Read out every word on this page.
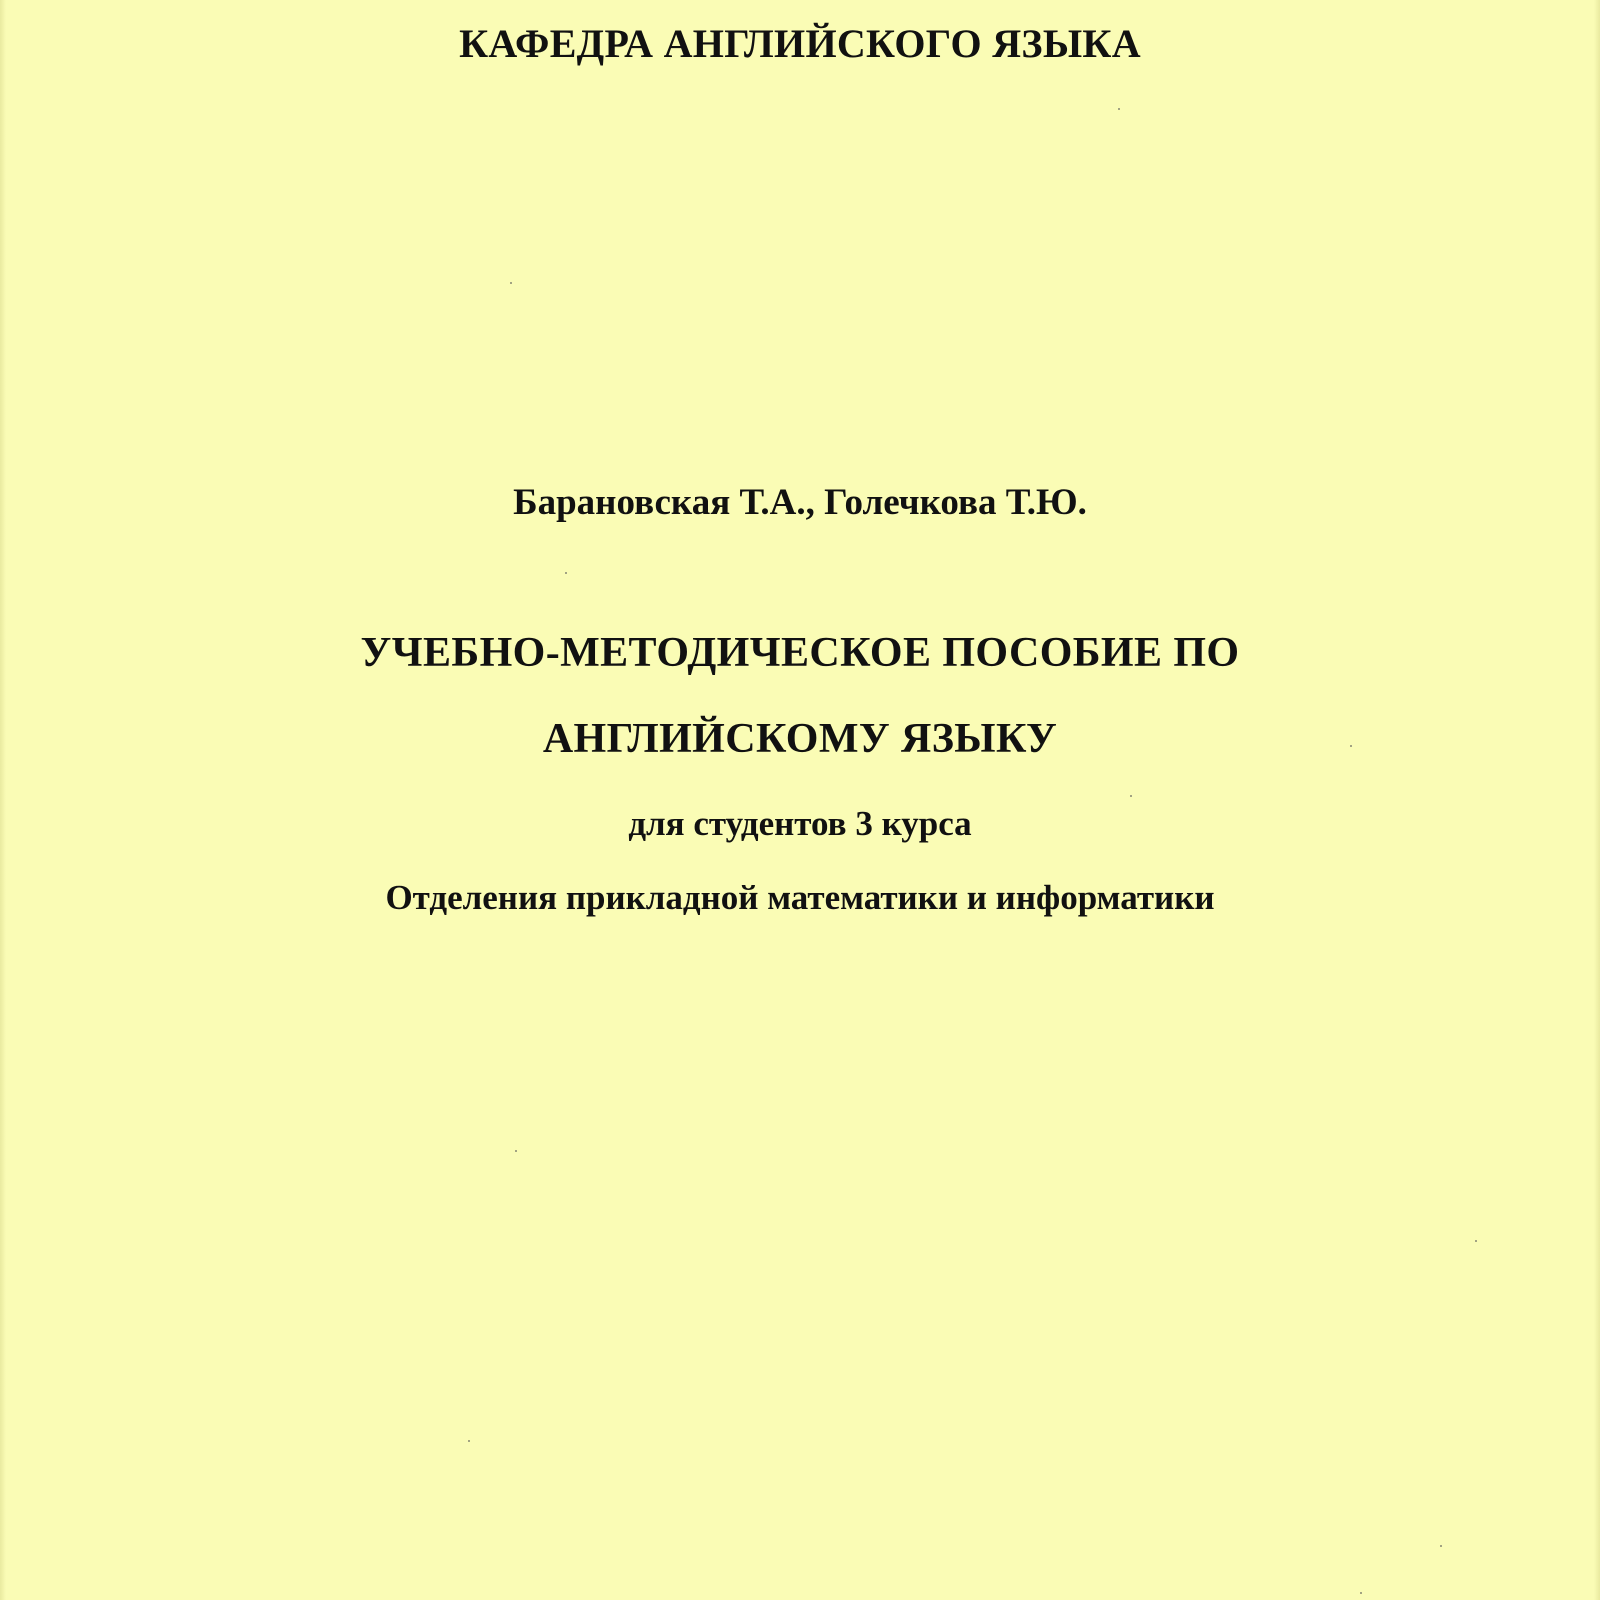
КАФЕДРА АНГЛИЙСКОГО ЯЗЫКА
Барановская Т.А., Голечкова Т.Ю.
УЧЕБНО-МЕТОДИЧЕСКОЕ ПОСОБИЕ ПО
АНГЛИЙСКОМУ ЯЗЫКУ
для студентов 3 курса
Отделения прикладной математики и информатики
